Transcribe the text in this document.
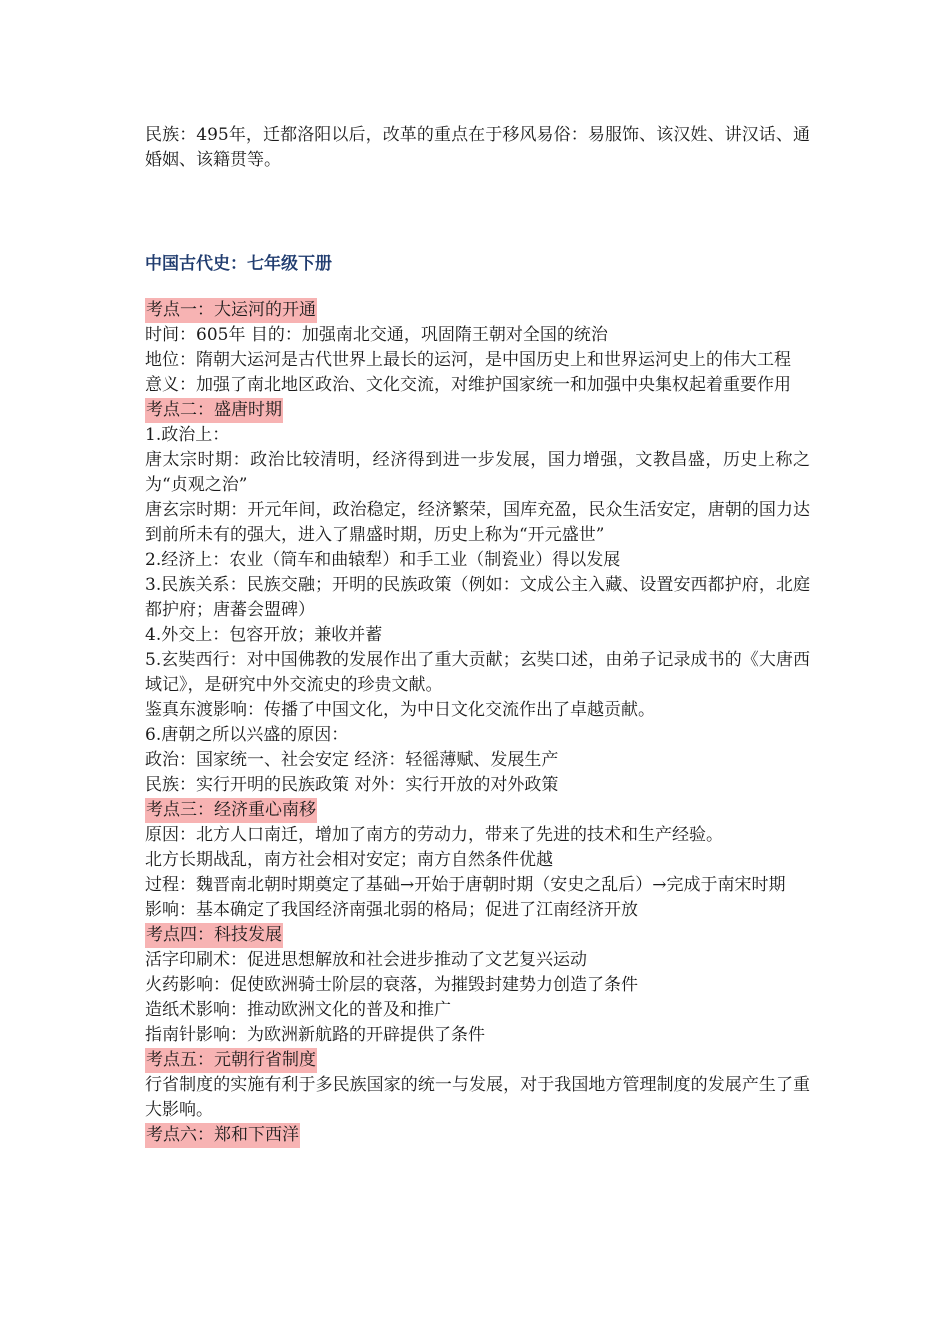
民族：495年，迁都洛阳以后，改革的重点在于移风易俗：易服饰、该汉姓、讲汉话、通婚姻、该籍贯等。

中国古代史：七年级下册

考点一：大运河的开通

时间：605年 目的：加强南北交通，巩固隋王朝对全国的统治

地位：隋朝大运河是古代世界上最长的运河，是中国历史上和世界运河史上的伟大工程

意义：加强了南北地区政治、文化交流，对维护国家统一和加强中央集权起着重要作用

考点二：盛唐时期

1.政治上：

唐太宗时期：政治比较清明，经济得到进一步发展，国力增强，文教昌盛，历史上称之为“贞观之治”

唐玄宗时期：开元年间，政治稳定，经济繁荣，国库充盈，民众生活安定，唐朝的国力达到前所未有的强大，进入了鼎盛时期，历史上称为“开元盛世”

2.经济上：农业（筒车和曲辕犁）和手工业（制瓷业）得以发展

3.民族关系：民族交融；开明的民族政策（例如：文成公主入藏、设置安西都护府，北庭都护府；唐蕃会盟碑）

4.外交上：包容开放；兼收并蓄

5.玄奘西行：对中国佛教的发展作出了重大贡献；玄奘口述，由弟子记录成书的《大唐西域记》，是研究中外交流史的珍贵文献。

鉴真东渡影响：传播了中国文化，为中日文化交流作出了卓越贡献。

6.唐朝之所以兴盛的原因：

政治：国家统一、社会安定 经济：轻徭薄赋、发展生产

民族：实行开明的民族政策 对外：实行开放的对外政策

考点三：经济重心南移

原因：北方人口南迁，增加了南方的劳动力，带来了先进的技术和生产经验。

北方长期战乱，南方社会相对安定；南方自然条件优越

过程：魏晋南北朝时期奠定了基础→开始于唐朝时期（安史之乱后）→完成于南宋时期

影响：基本确定了我国经济南强北弱的格局；促进了江南经济开放

考点四：科技发展

活字印刷术：促进思想解放和社会进步推动了文艺复兴运动

火药影响：促使欧洲骑士阶层的衰落，为摧毁封建势力创造了条件

造纸术影响：推动欧洲文化的普及和推广

指南针影响：为欧洲新航路的开辟提供了条件

考点五：元朝行省制度

行省制度的实施有利于多民族国家的统一与发展，对于我国地方管理制度的发展产生了重大影响。

考点六：郑和下西洋
